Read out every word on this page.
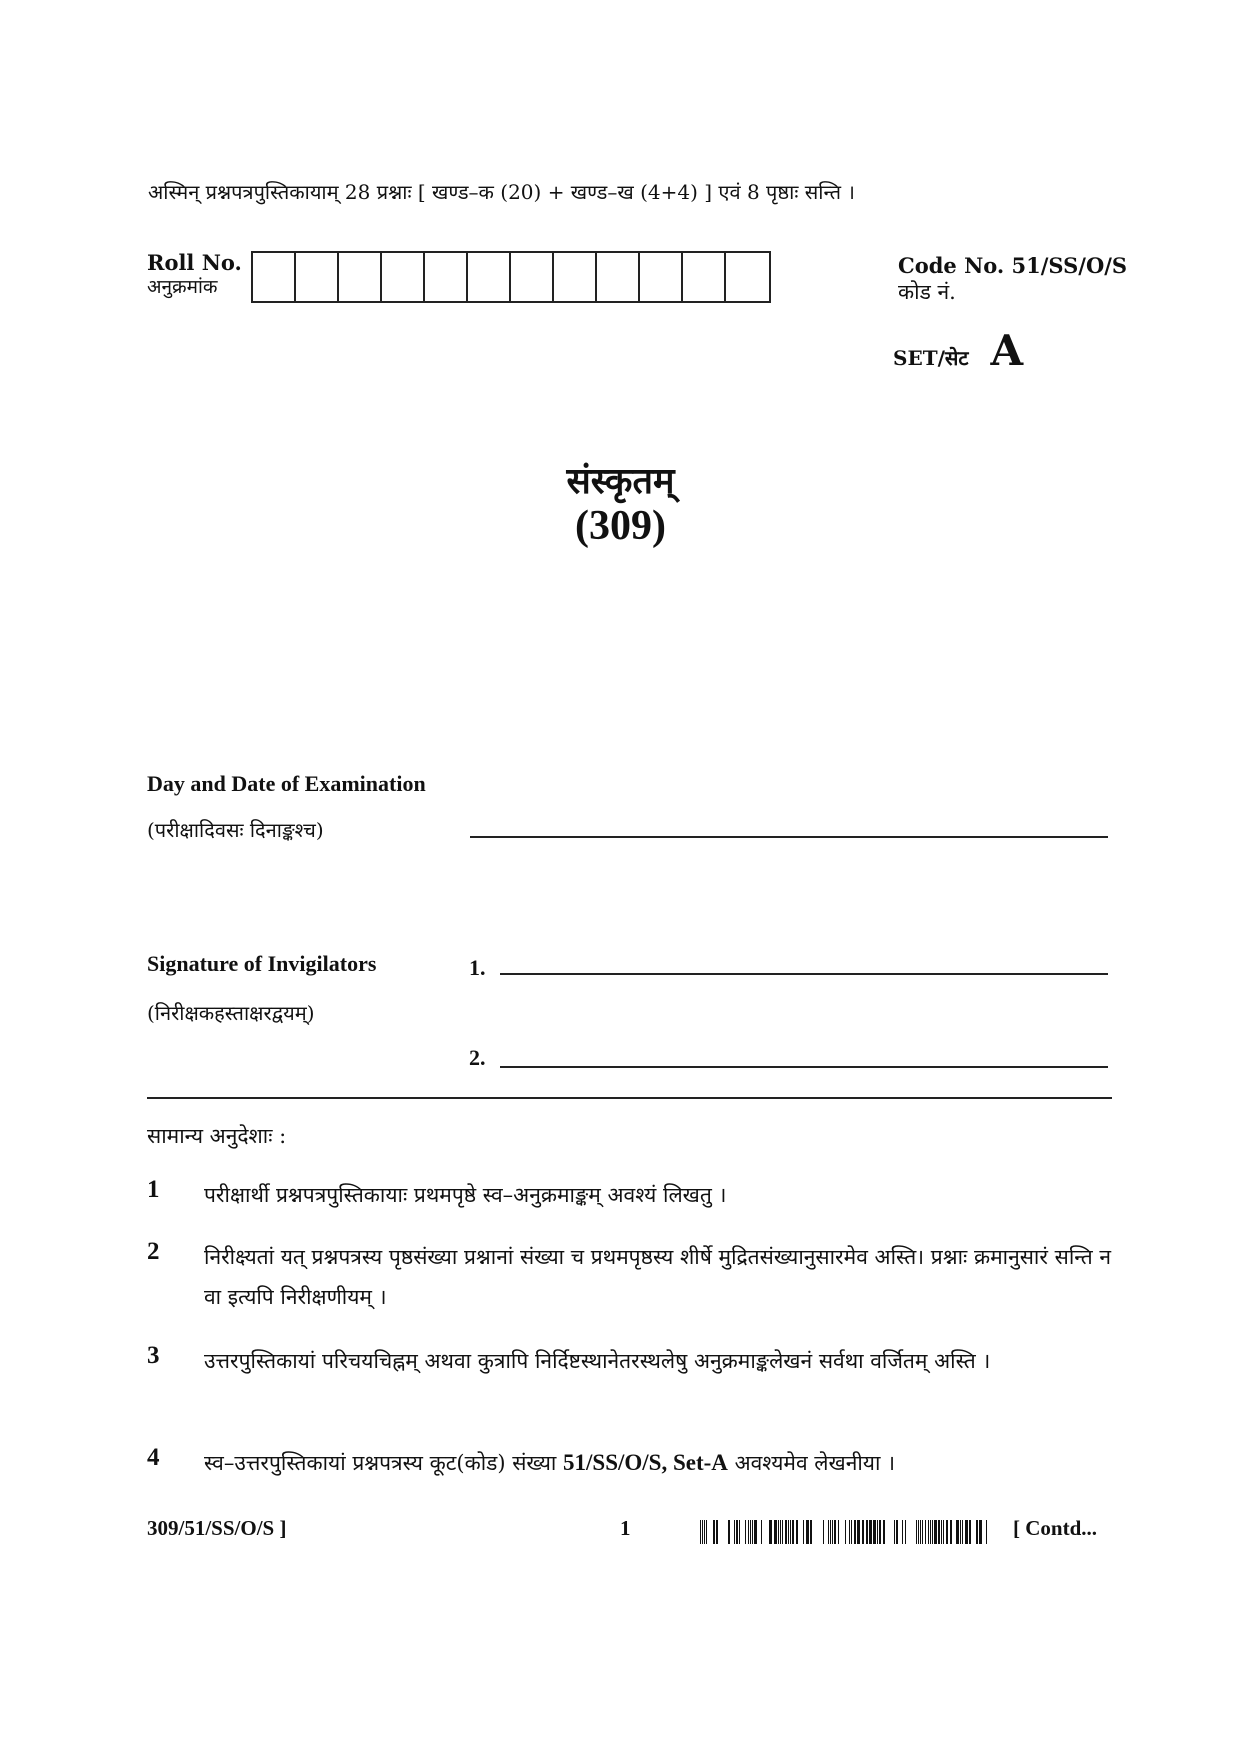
अस्मिन् प्रश्नपत्रपुस्तिकायाम् 28 प्रश्नाः [ खण्ड–क (20) + खण्ड–ख (4+4) ] एवं 8 पृष्ठाः सन्ति ।
Roll No.
अनुक्रमांक
Code No. 51/SS/O/S
कोड नं.
SET/सेट A
संस्कृतम्
(309)
Day and Date of Examination
(परीक्षादिवसः दिनाङ्कश्च)
Signature of Invigilators
(निरीक्षकहस्ताक्षरद्वयम्)
1.
2.
सामान्य अनुदेशाः :
1 परीक्षार्थी प्रश्नपत्रपुस्तिकायाः प्रथमपृष्ठे स्व–अनुक्रमाङ्कम् अवश्यं लिखतु ।
2 निरीक्ष्यतां यत् प्रश्नपत्रस्य पृष्ठसंख्या प्रश्नानां संख्या च प्रथमपृष्ठस्य शीर्षे मुद्रितसंख्यानुसारमेव अस्ति। प्रश्नाः क्रमानुसारं सन्ति न वा इत्यपि निरीक्षणीयम् ।
3 उत्तरपुस्तिकायां परिचयचिह्नम् अथवा कुत्रापि निर्दिष्टस्थानेतरस्थलेषु अनुक्रमाङ्कलेखनं सर्वथा वर्जितम् अस्ति ।
4 स्व–उत्तरपुस्तिकायां प्रश्नपत्रस्य कूट(कोड) संख्या 51/SS/O/S, Set-A अवश्यमेव लेखनीया ।
309/51/SS/O/S ]	1	[ Contd...
